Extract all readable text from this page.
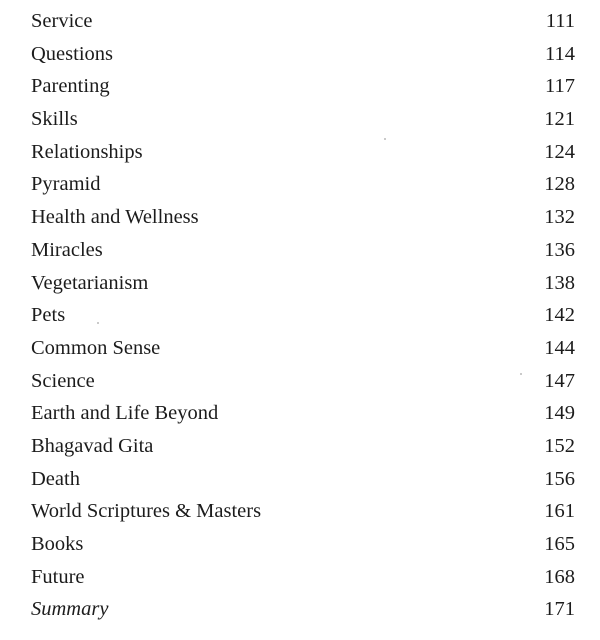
Service	111
Questions	114
Parenting	117
Skills	121
Relationships	124
Pyramid	128
Health and Wellness	132
Miracles	136
Vegetarianism	138
Pets	142
Common Sense	144
Science	147
Earth and Life Beyond	149
Bhagavad Gita	152
Death	156
World Scriptures & Masters	161
Books	165
Future	168
Summary	171
